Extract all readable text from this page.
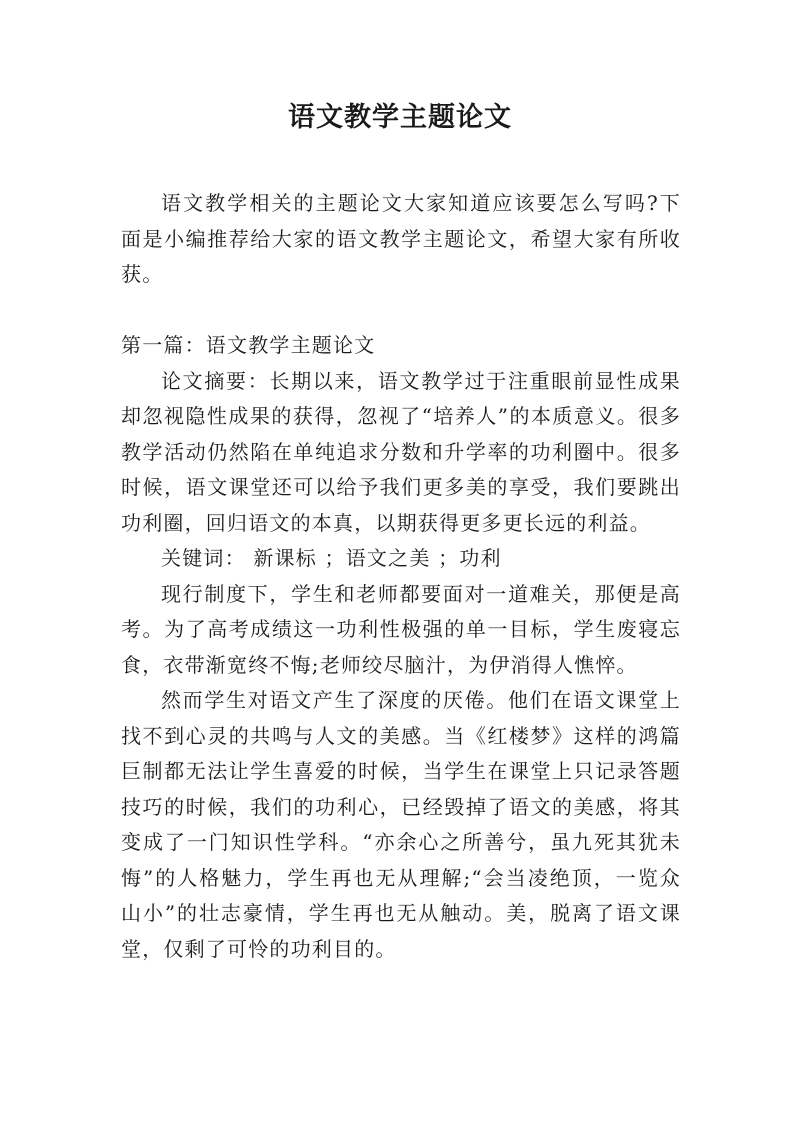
语文教学主题论文

语文教学相关的主题论文大家知道应该要怎么写吗?下面是小编推荐给大家的语文教学主题论文，希望大家有所收获。

第一篇：语文教学主题论文

论文摘要：长期以来，语文教学过于注重眼前显性成果却忽视隐性成果的获得，忽视了“培养人”的本质意义。很多教学活动仍然陷在单纯追求分数和升学率的功利圈中。很多时候，语文课堂还可以给予我们更多美的享受，我们要跳出功利圈，回归语文的本真，以期获得更多更长远的利益。

关键词： 新课标 ；语文之美 ；功利

现行制度下，学生和老师都要面对一道难关，那便是高考。为了高考成绩这一功利性极强的单一目标，学生废寝忘食，衣带渐宽终不悔;老师绞尽脑汁，为伊消得人憔悴。

然而学生对语文产生了深度的厌倦。他们在语文课堂上找不到心灵的共鸣与人文的美感。当《红楼梦》这样的鸿篇巨制都无法让学生喜爱的时候，当学生在课堂上只记录答题技巧的时候，我们的功利心，已经毁掉了语文的美感，将其变成了一门知识性学科。“亦余心之所善兮，虽九死其犹未悔”的人格魅力，学生再也无从理解;“会当凌绝顶，一览众山小”的壮志豪情，学生再也无从触动。美，脱离了语文课堂，仅剩了可怜的功利目的。
